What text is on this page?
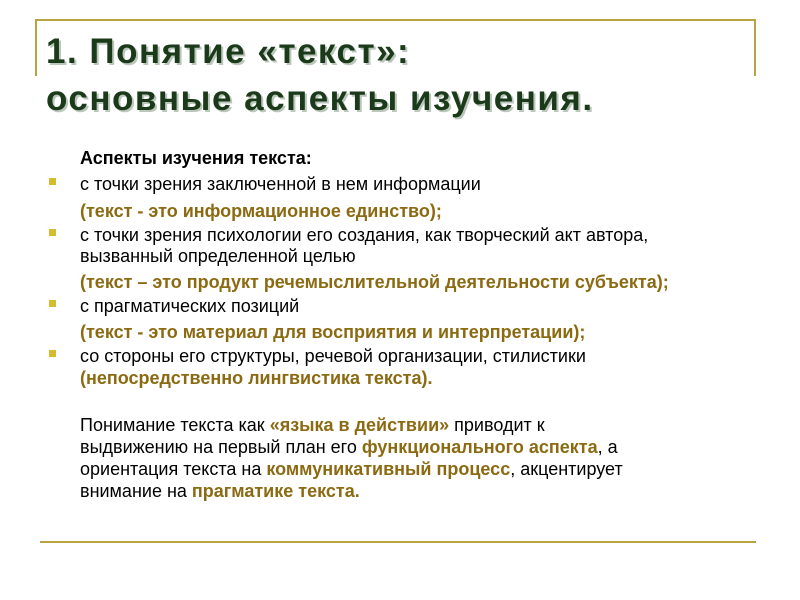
1. Понятие «текст»:
основные аспекты изучения.
Аспекты изучения текста:
с точки зрения заключенной в нем информации
(текст - это информационное единство);
с точки зрения психологии его создания, как творческий акт автора,
вызванный определенной целью
(текст – это продукт речемыслительной деятельности субъекта);
с прагматических позиций
(текст - это материал для восприятия и интерпретации);
со стороны его структуры, речевой организации, стилистики
(непосредственно лингвистика текста).
Понимание текста как «языка в действии» приводит к
выдвижению на первый план его функционального аспекта, а
ориентация текста на коммуникативный процесс, акцентирует
внимание на прагматике текста.
